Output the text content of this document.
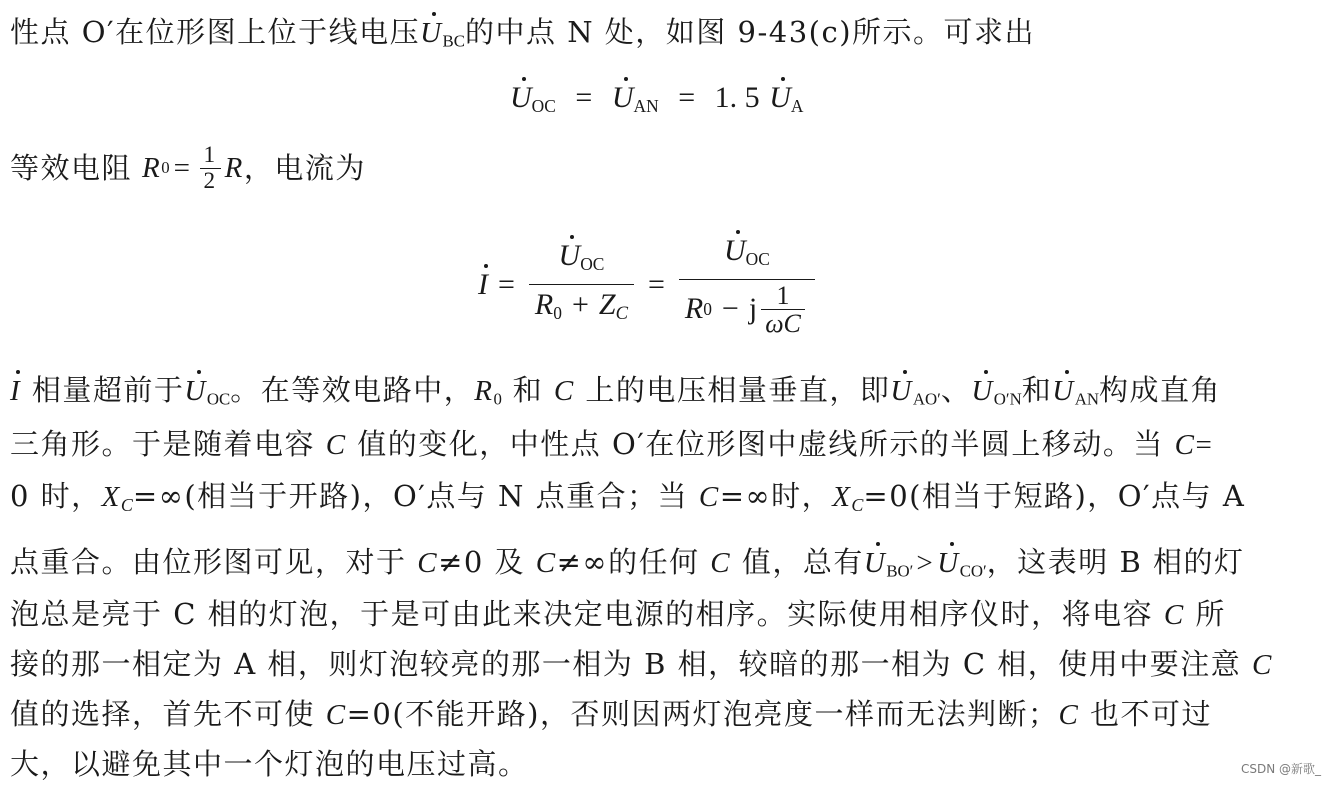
性点 O′在位形图上位于线电压$U_{BC}$的中点 N 处，如图 9-43(c)所示。可求出
$U_{OC} = U_{AN} = 1$. 5 $U_A$
等效电阻 R $0 = \frac{1}{2}$ R ，电流为
$I = \frac{U_{OC}}{R_0 + ZC} = \frac{U_{OC}}{R 0 - j \frac{1}{\omega C}}$
I 相量超前于$U_{OC}$。在等效电路中，$R_0$ 和 C 上的电压相量垂直，即$U_{AO'}$、$U_{O'N}$和$U_{AN}$构成直角
三角形。于是随着电容 C 值的变化，中性点 O′在位形图中虚线所示的半圆上移动。当 C=
0 时，XC=∞(相当于开路)，O′点与 N 点重合；当 C=∞时，XC=0(相当于短路)，O′点与 A
点重合。由位形图可见，对于 C≠0 及 C≠∞的任何 C 值，总有$U_{BO'} > U_{CO'}$，这表明 B 相的灯
泡总是亮于 C 相的灯泡，于是可由此来决定电源的相序。实际使用相序仪时，将电容 C 所
接的那一相定为 A 相，则灯泡较亮的那一相为 B 相，较暗的那一相为 C 相，使用中要注意 C
值的选择，首先不可使 C=0(不能开路)，否则因两灯泡亮度一样而无法判断；C 也不可过
大，以避免其中一个灯泡的电压过高。	CSDN @新歌_
